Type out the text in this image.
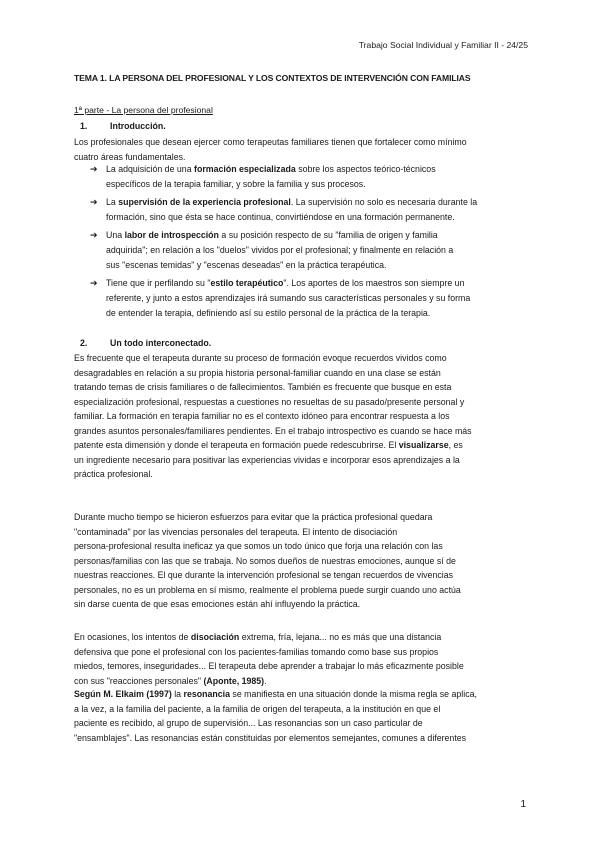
Trabajo Social Individual y Familiar II - 24/25
TEMA 1. LA PERSONA DEL PROFESIONAL Y LOS CONTEXTOS DE INTERVENCIÓN CON FAMILIAS
1ª parte - La persona del profesional
1.	Introducción.
Los profesionales que desean ejercer como terapeutas familiares tienen que fortalecer como mínimo
cuatro áreas fundamentales.
➔ La adquisición de una formación especializada sobre los aspectos teórico-técnicos
específicos de la terapia familiar, y sobre la familia y sus procesos.
➔ La supervisión de la experiencia profesional. La supervisión no solo es necesaria durante la
formación, sino que ésta se hace continua, convirtiéndose en una formación permanente.
➔ Una labor de introspección a su posición respecto de su "familia de origen y familia
adquirida"; en relación a los "duelos" vividos por el profesional; y finalmente en relación a
sus "escenas temidas" y "escenas deseadas" en la práctica terapéutica.
➔ Tiene que ir perfilando su "estilo terapéutico". Los aportes de los maestros son siempre un
referente, y junto a estos aprendizajes irá sumando sus características personales y su forma
de entender la terapia, definiendo así su estilo personal de la práctica de la terapia.
2.	Un todo interconectado.
Es frecuente que el terapeuta durante su proceso de formación evoque recuerdos vividos como
desagradables en relación a su propia historia personal-familiar cuando en una clase se están
tratando temas de crisis familiares o de fallecimientos. También es frecuente que busque en esta
especialización profesional, respuestas a cuestiones no resueltas de su pasado/presente personal y
familiar. La formación en terapia familiar no es el contexto idóneo para encontrar respuesta a los
grandes asuntos personales/familiares pendientes. En el trabajo introspectivo es cuando se hace más
patente esta dimensión y donde el terapeuta en formación puede redescubrirse. El visualizarse, es
un ingrediente necesario para positivar las experiencias vividas e incorporar esos aprendizajes a la
práctica profesional.
Durante mucho tiempo se hicieron esfuerzos para evitar que la práctica profesional quedara
"contaminada" por las vivencias personales del terapeuta. El intento de disociación
persona-profesional resulta ineficaz ya que somos un todo único que forja una relación con las
personas/familias con las que se trabaja. No somos dueños de nuestras emociones, aunque sí de
nuestras reacciones. El que durante la intervención profesional se tengan recuerdos de vivencias
personales, no es un problema en sí mismo, realmente el problema puede surgir cuando uno actúa
sin darse cuenta de que esas emociones están ahí influyendo la práctica.
En ocasiones, los intentos de disociación extrema, fría, lejana... no es más que una distancia
defensiva que pone el profesional con los pacientes-familias tomando como base sus propios
miedos, temores, inseguridades... El terapeuta debe aprender a trabajar lo más eficazmente posible
con sus "reacciones personales" (Aponte, 1985).
Según M. Elkaim (1997) la resonancia se manifiesta en una situación donde la misma regla se aplica,
a la vez, a la familia del paciente, a la familia de origen del terapeuta, a la institución en que el
paciente es recibido, al grupo de supervisión... Las resonancias son un caso particular de
"ensamblajes". Las resonancias están constituidas por elementos semejantes, comunes a diferentes
1
